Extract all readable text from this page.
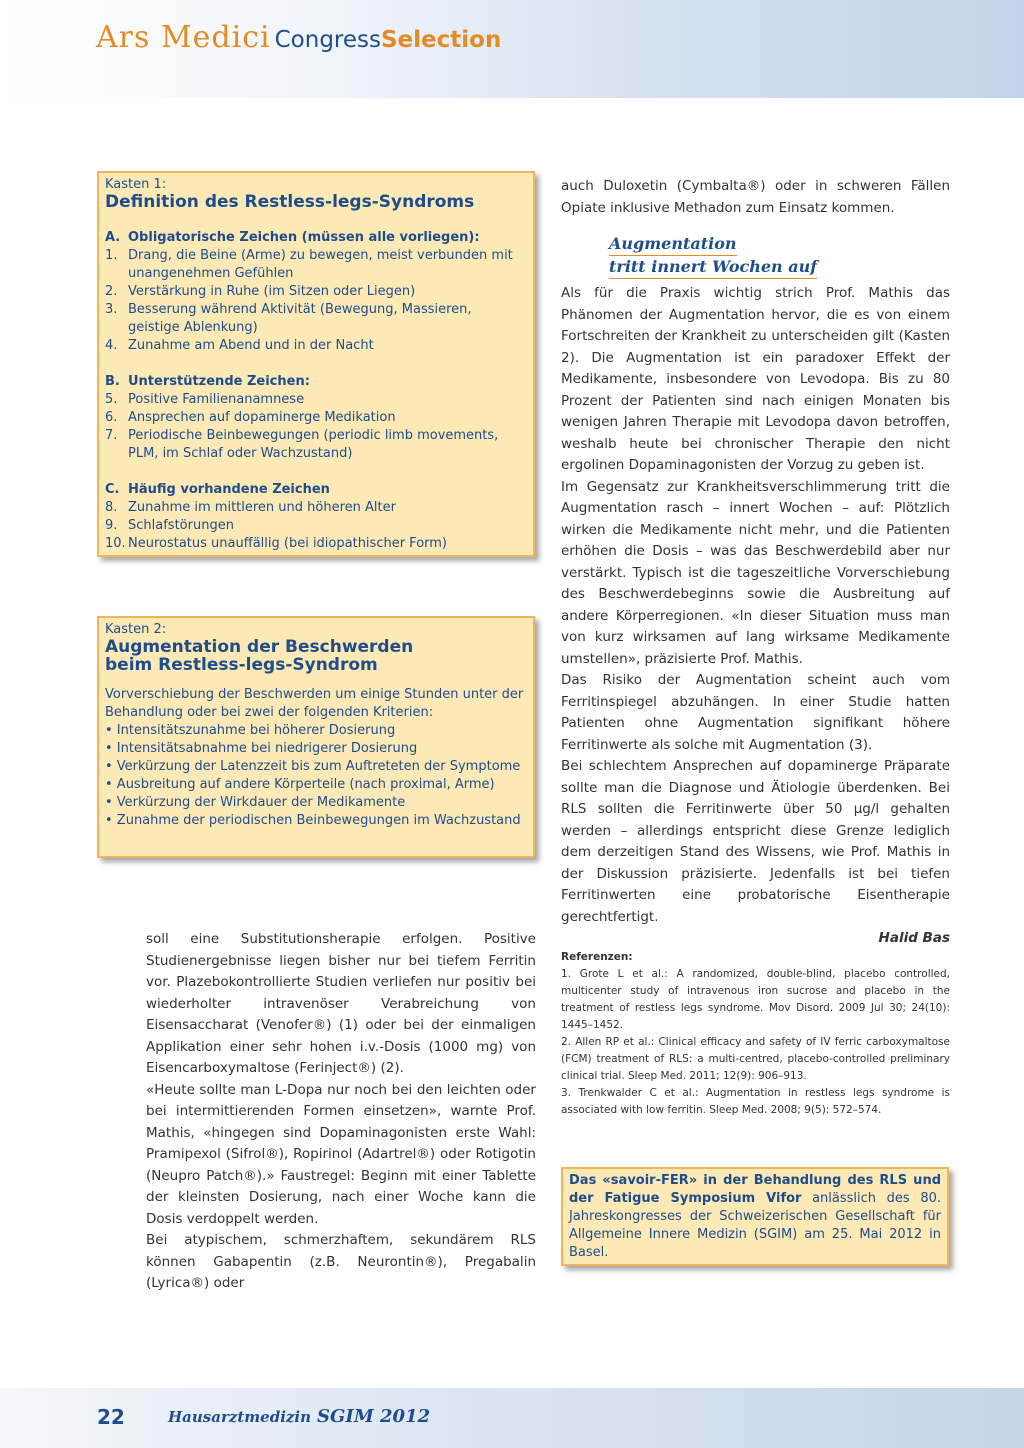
Ars Medici CongressSelection
Kasten 1:
Definition des Restless-legs-Syndroms
A. Obligatorische Zeichen (müssen alle vorliegen):
1. Drang, die Beine (Arme) zu bewegen, meist verbunden mit unangenehmen Gefühlen
2. Verstärkung in Ruhe (im Sitzen oder Liegen)
3. Besserung während Aktivität (Bewegung, Massieren, geistige Ablenkung)
4. Zunahme am Abend und in der Nacht
B. Unterstützende Zeichen:
5. Positive Familienanamnese
6. Ansprechen auf dopaminerge Medikation
7. Periodische Beinbewegungen (periodic limb movements, PLM, im Schlaf oder Wachzustand)
C. Häufig vorhandene Zeichen
8. Zunahme im mittleren und höheren Alter
9. Schlafstörungen
10. Neurostatus unauffällig (bei idiopathischer Form)
Kasten 2:
Augmentation der Beschwerden
beim Restless-legs-Syndrom
Vorverschiebung der Beschwerden um einige Stunden unter der Behandlung oder bei zwei der folgenden Kriterien:
• Intensitätszunahme bei höherer Dosierung
• Intensitätsabnahme bei niedrigerer Dosierung
• Verkürzung der Latenzzeit bis zum Auftreteten der Symptome
• Ausbreitung auf andere Körperteile (nach proximal, Arme)
• Verkürzung der Wirkdauer der Medikamente
• Zunahme der periodischen Beinbewegungen im Wachzustand

soll eine Substitutionsherapie erfolgen. Positive Studienergebnisse liegen bisher nur bei tiefem Ferritin vor. Plazebokontrollierte Studien verliefen nur positiv bei wiederholter intravenöser Verabreichung von Eisensaccharat (Venofer®) (1) oder bei der einmaligen Applikation einer sehr hohen i.v.-Dosis (1000 mg) von Eisencarboxymaltose (Ferinject®) (2).

«Heute sollte man L-Dopa nur noch bei den leichten oder bei intermittierenden Formen einsetzen», warnte Prof. Mathis, «hingegen sind Dopaminagonisten erste Wahl: Pramipexol (Sifrol®), Ropirinol (Adartrel®) oder Rotigotin (Neupro Patch®).» Faustregel: Beginn mit einer Tablette der kleinsten Dosierung, nach einer Woche kann die Dosis verdoppelt werden.

Bei atypischem, schmerzhaftem, sekundärem RLS können Gabapentin (z.B. Neurontin®), Pregabalin (Lyrica®) oder

auch Duloxetin (Cymbalta®) oder in schweren Fällen Opiate inklusive Methadon zum Einsatz kommen.

Augmentation
tritt innert Wochen auf

Als für die Praxis wichtig strich Prof. Mathis das Phänomen der Augmentation hervor, die es von einem Fortschreiten der Krankheit zu unterscheiden gilt (Kasten 2). Die Augmentation ist ein paradoxer Effekt der Medikamente, insbesondere von Levodopa. Bis zu 80 Prozent der Patienten sind nach einigen Monaten bis wenigen Jahren Therapie mit Levodopa davon betroffen, weshalb heute bei chronischer Therapie den nicht ergolinen Dopaminagonisten der Vorzug zu geben ist.

Im Gegensatz zur Krankheitsverschlimmerung tritt die Augmentation rasch – innert Wochen – auf: Plötzlich wirken die Medikamente nicht mehr, und die Patienten erhöhen die Dosis – was das Beschwerdebild aber nur verstärkt. Typisch ist die tageszeitliche Vorverschiebung des Beschwerdebeginns sowie die Ausbreitung auf andere Körperregionen. «In dieser Situation muss man von kurz wirksamen auf lang wirksame Medikamente umstellen», präzisierte Prof. Mathis.

Das Risiko der Augmentation scheint auch vom Ferritinspiegel abzuhängen. In einer Studie hatten Patienten ohne Augmentation signifikant höhere Ferritinwerte als solche mit Augmentation (3).

Bei schlechtem Ansprechen auf dopaminerge Präparate sollte man die Diagnose und Ätiologie überdenken. Bei RLS sollten die Ferritinwerte über 50 µg/l gehalten werden – allerdings entspricht diese Grenze lediglich dem derzeitigen Stand des Wissens, wie Prof. Mathis in der Diskussion präzisierte. Jedenfalls ist bei tiefen Ferritinwerten eine probatorische Eisentherapie gerechtfertigt.

Halid Bas
Referenzen:

1. Grote L et al.: A randomized, double-blind, placebo controlled, multicenter study of intravenous iron sucrose and placebo in the treatment of restless legs syndrome. Mov Disord. 2009 Jul 30; 24(10): 1445–1452.

2. Allen RP et al.: Clinical efficacy and safety of IV ferric carboxymaltose (FCM) treatment of RLS: a multi-centred, placebo-controlled preliminary clinical trial. Sleep Med. 2011; 12(9): 906–913.

3. Trenkwalder C et al.: Augmentation in restless legs syndrome is associated with low ferritin. Sleep Med. 2008; 9(5): 572–574.

Das «savoir-FER» in der Behandlung des RLS und der Fatigue Symposium Vifor anlässlich des 80. Jahreskongresses der Schweizerischen Gesellschaft für Allgemeine Innere Medizin (SGIM) am 25. Mai 2012 in Basel.

22	Hausarztmedizin SGIM 2012
